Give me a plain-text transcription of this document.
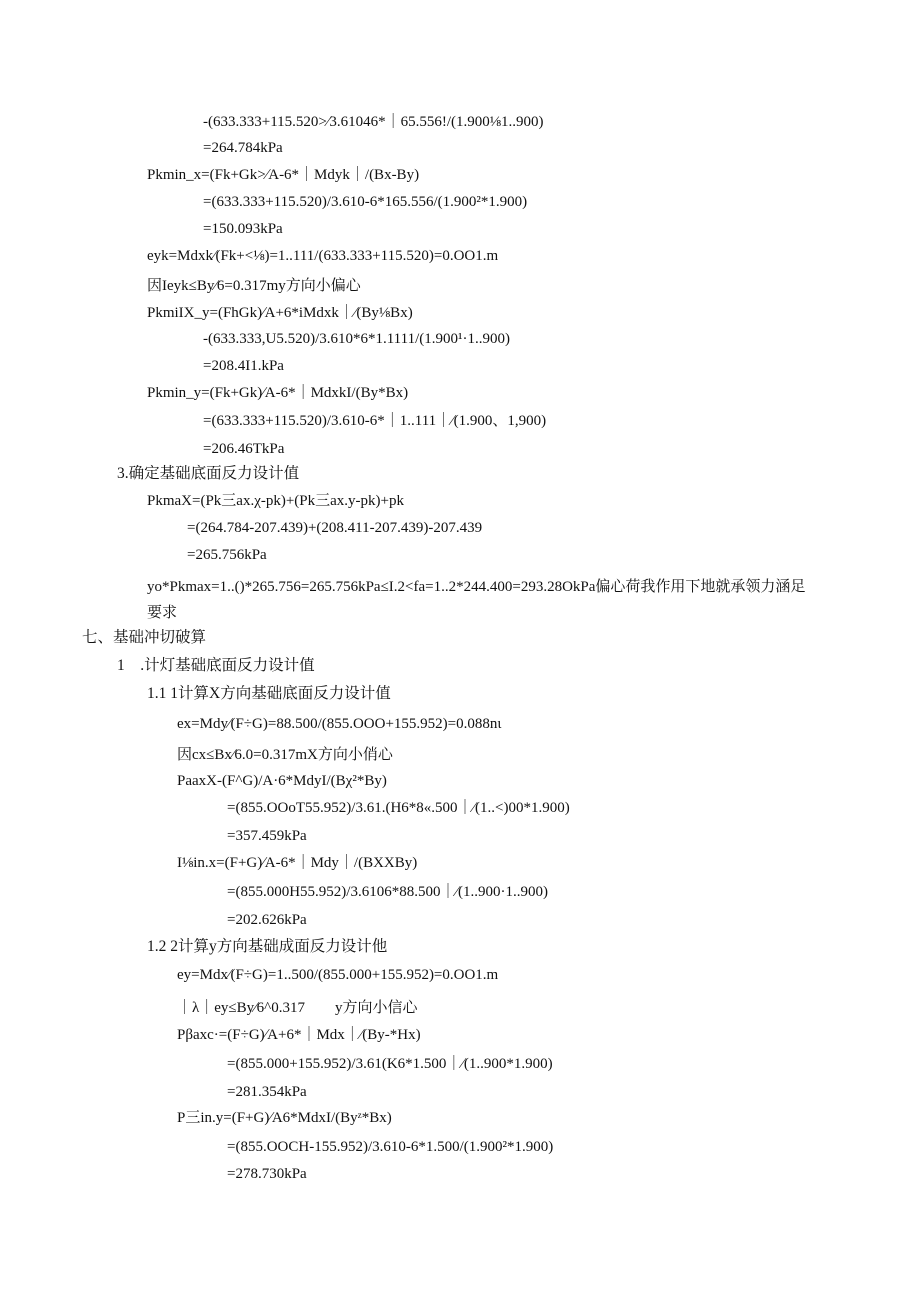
-(633.333+115.520>∕3.61046*｜65.556!/(1.900⅛1..900)
=264.784kPa
Pkmin_x=(Fk+Gk>∕A-6*｜Mdyk｜/(Bx-By)
=(633.333+115.520)/3.610-6*165.556/(1.900²*1.900)
=150.093kPa
eyk=Mdxk∕(Fk+<⅛)=1..111/(633.333+115.520)=0.OO1.m
因Ieyk≤By∕6=0.317my方向小偏心
PkmiIX_y=(FhGk)∕A+6*iMdxk｜∕(By⅛Bx)
-(633.333,U5.520)/3.610*6*1.1111/(1.900¹·1..900)
=208.4I1.kPa
Pkmin_y=(Fk+Gk)∕A-6*｜MdxkI/(By*Bx)
=(633.333+115.520)/3.610-6*｜1..111｜∕(1.900、1,900)
=206.46TkPa
3.确定基础底面反力设计值
PkmaX=(Pk三ax.χ-pk)+(Pk三ax.y-pk)+pk
=(264.784-207.439)+(208.411-207.439)-207.439
=265.756kPa
yo*Pkmax=1..()*265.756=265.756kPa≤I.2<fa=1..2*244.400=293.28OkPa偏心荷我作用下地就承领力涵足
要求
七、基础冲切破算
1　.计灯基础底面反力设计值
1.1 1计算X方向基础底面反力设计值
ex=Mdy∕(F÷G)=88.500/(855.OOO+155.952)=0.088nι
因cx≤Bx∕6.0=0.317mX方向小俏心
PaaxX-(F^G)/A·6*MdyI/(Bχ²*By)
=(855.OOoT55.952)/3.61.(H6*8«.500｜∕(1..<)00*1.900)
=357.459kPa
I⅛in.x=(F+G)∕A-6*｜Mdy｜/(BXXBy)
=(855.000H55.952)/3.6106*88.500｜∕(1..900·1..900)
=202.626kPa
1.2 2计算y方向基础成面反力设计他
ey=Mdx∕(F÷G)=1..500/(855.000+155.952)=0.OO1.m
｜λ｜ey≤By∕6^0.317　　y方向小信心
Pβaxc·=(F÷G)∕A+6*｜Mdx｜∕(By-*Hx)
=(855.000+155.952)/3.61(K6*1.500｜∕(1..900*1.900)
=281.354kPa
P三in.y=(F+G)∕A6*MdxI/(Byᶻ*Bx)
=(855.OOCH-155.952)/3.610-6*1.500/(1.900²*1.900)
=278.730kPa
